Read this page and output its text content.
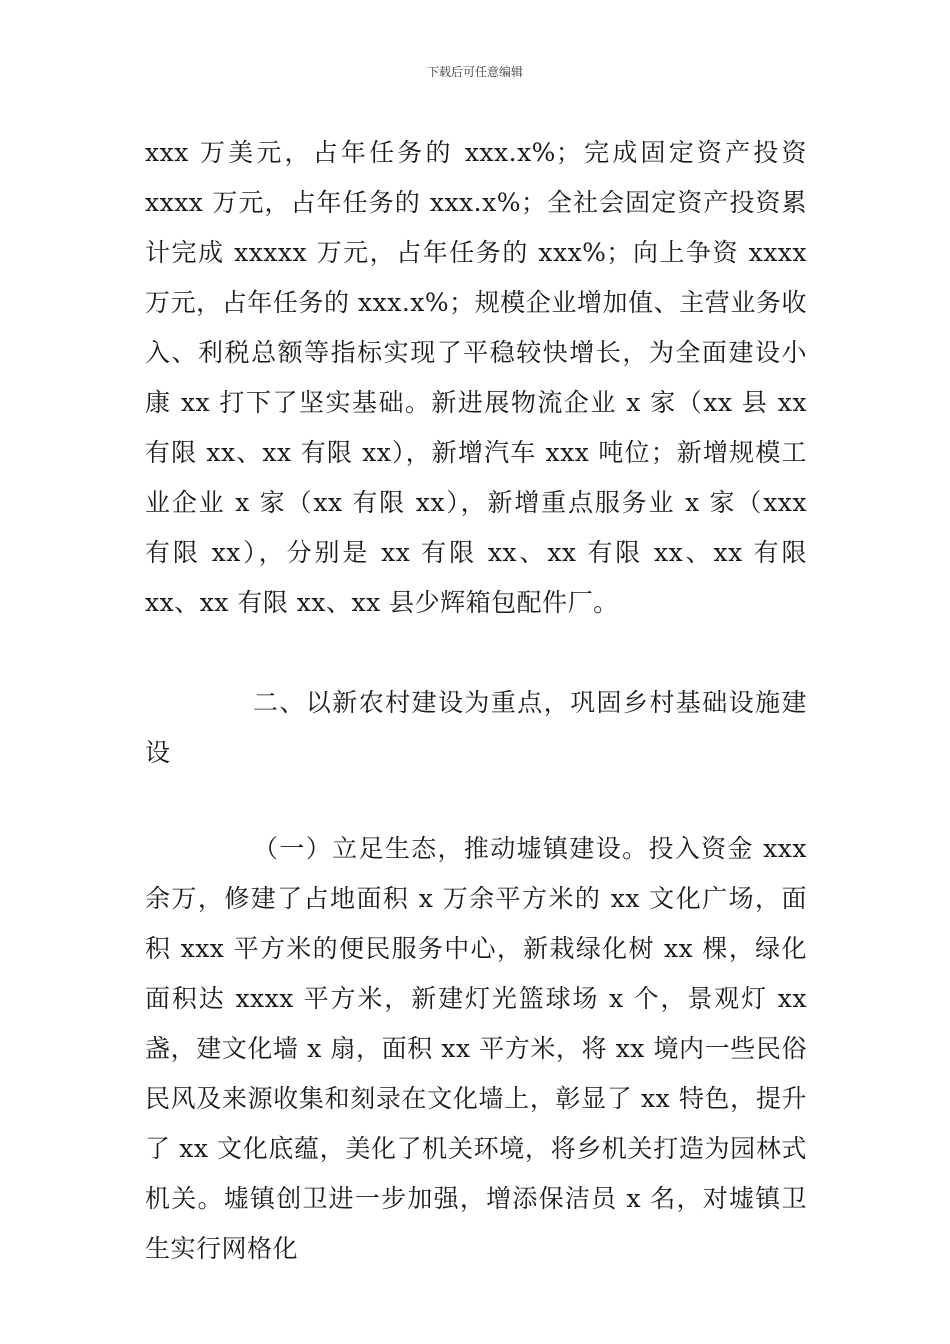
下载后可任意编辑

xxx 万美元，占年任务的 xxx.x%；完成固定资产投资 xxxx 万元，占年任务的 xxx.x%；全社会固定资产投资累计完成 xxxxx 万元，占年任务的 xxx%；向上争资 xxxx 万元，占年任务的 xxx.x%；规模企业增加值、主营业务收入、利税总额等指标实现了平稳较快增长，为全面建设小康 xx 打下了坚实基础。新进展物流企业 x 家（xx 县 xx 有限 xx、xx 有限 xx），新增汽车 xxx 吨位；新增规模工业企业 x 家（xx 有限 xx），新增重点服务业 x 家（xxx 有限 xx），分别是 xx 有限 xx、xx 有限 xx、xx 有限 xx、xx 有限 xx、xx 县少辉箱包配件厂。

二、以新农村建设为重点，巩固乡村基础设施建设

（一）立足生态，推动墟镇建设。投入资金 xxx 余万，修建了占地面积 x 万余平方米的 xx 文化广场，面积 xxx 平方米的便民服务中心，新栽绿化树 xx 棵，绿化面积达 xxxx 平方米，新建灯光篮球场 x 个，景观灯 xx 盏，建文化墙 x 扇，面积 xx 平方米，将 xx 境内一些民俗民风及来源收集和刻录在文化墙上，彰显了 xx 特色，提升了 xx 文化底蕴，美化了机关环境，将乡机关打造为园林式机关。墟镇创卫进一步加强，增添保洁员 x 名，对墟镇卫生实行网格化
